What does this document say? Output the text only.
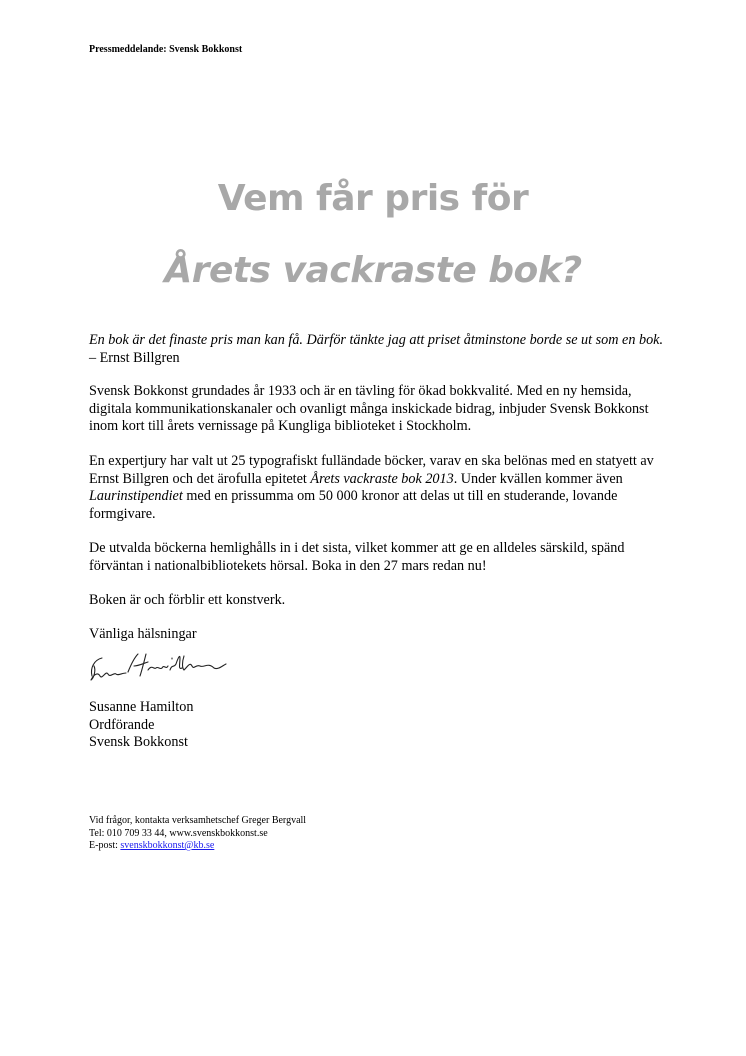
Pressmeddelande: Svensk Bokkonst
Vem får pris för
Årets vackraste bok?
En bok är det finaste pris man kan få. Därför tänkte jag att priset åtminstone borde se ut som en bok. – Ernst Billgren
Svensk Bokkonst grundades år 1933 och är en tävling för ökad bokkvalité. Med en ny hemsida, digitala kommunikationskanaler och ovanligt många inskickade bidrag, inbjuder Svensk Bokkonst inom kort till årets vernissage på Kungliga biblioteket i Stockholm.
En expertjury har valt ut 25 typografiskt fulländade böcker, varav en ska belönas med en statyett av Ernst Billgren och det ärofulla epitetet Årets vackraste bok 2013. Under kvällen kommer även Laurinstipendiet med en prissumma om 50 000 kronor att delas ut till en studerande, lovande formgivare.
De utvalda böckerna hemlighålls in i det sista, vilket kommer att ge en alldeles särskild, spänd förväntan i nationalbibliotekets hörsal. Boka in den 27 mars redan nu!
Boken är och förblir ett konstverk.
Vänliga hälsningar
Susanne Hamilton
Ordförande
Svensk Bokkonst
Vid frågor, kontakta verksamhetschef Greger Bergvall
Tel: 010 709 33 44, www.svenskbokkonst.se
E-post: svenskbokkonst@kb.se
